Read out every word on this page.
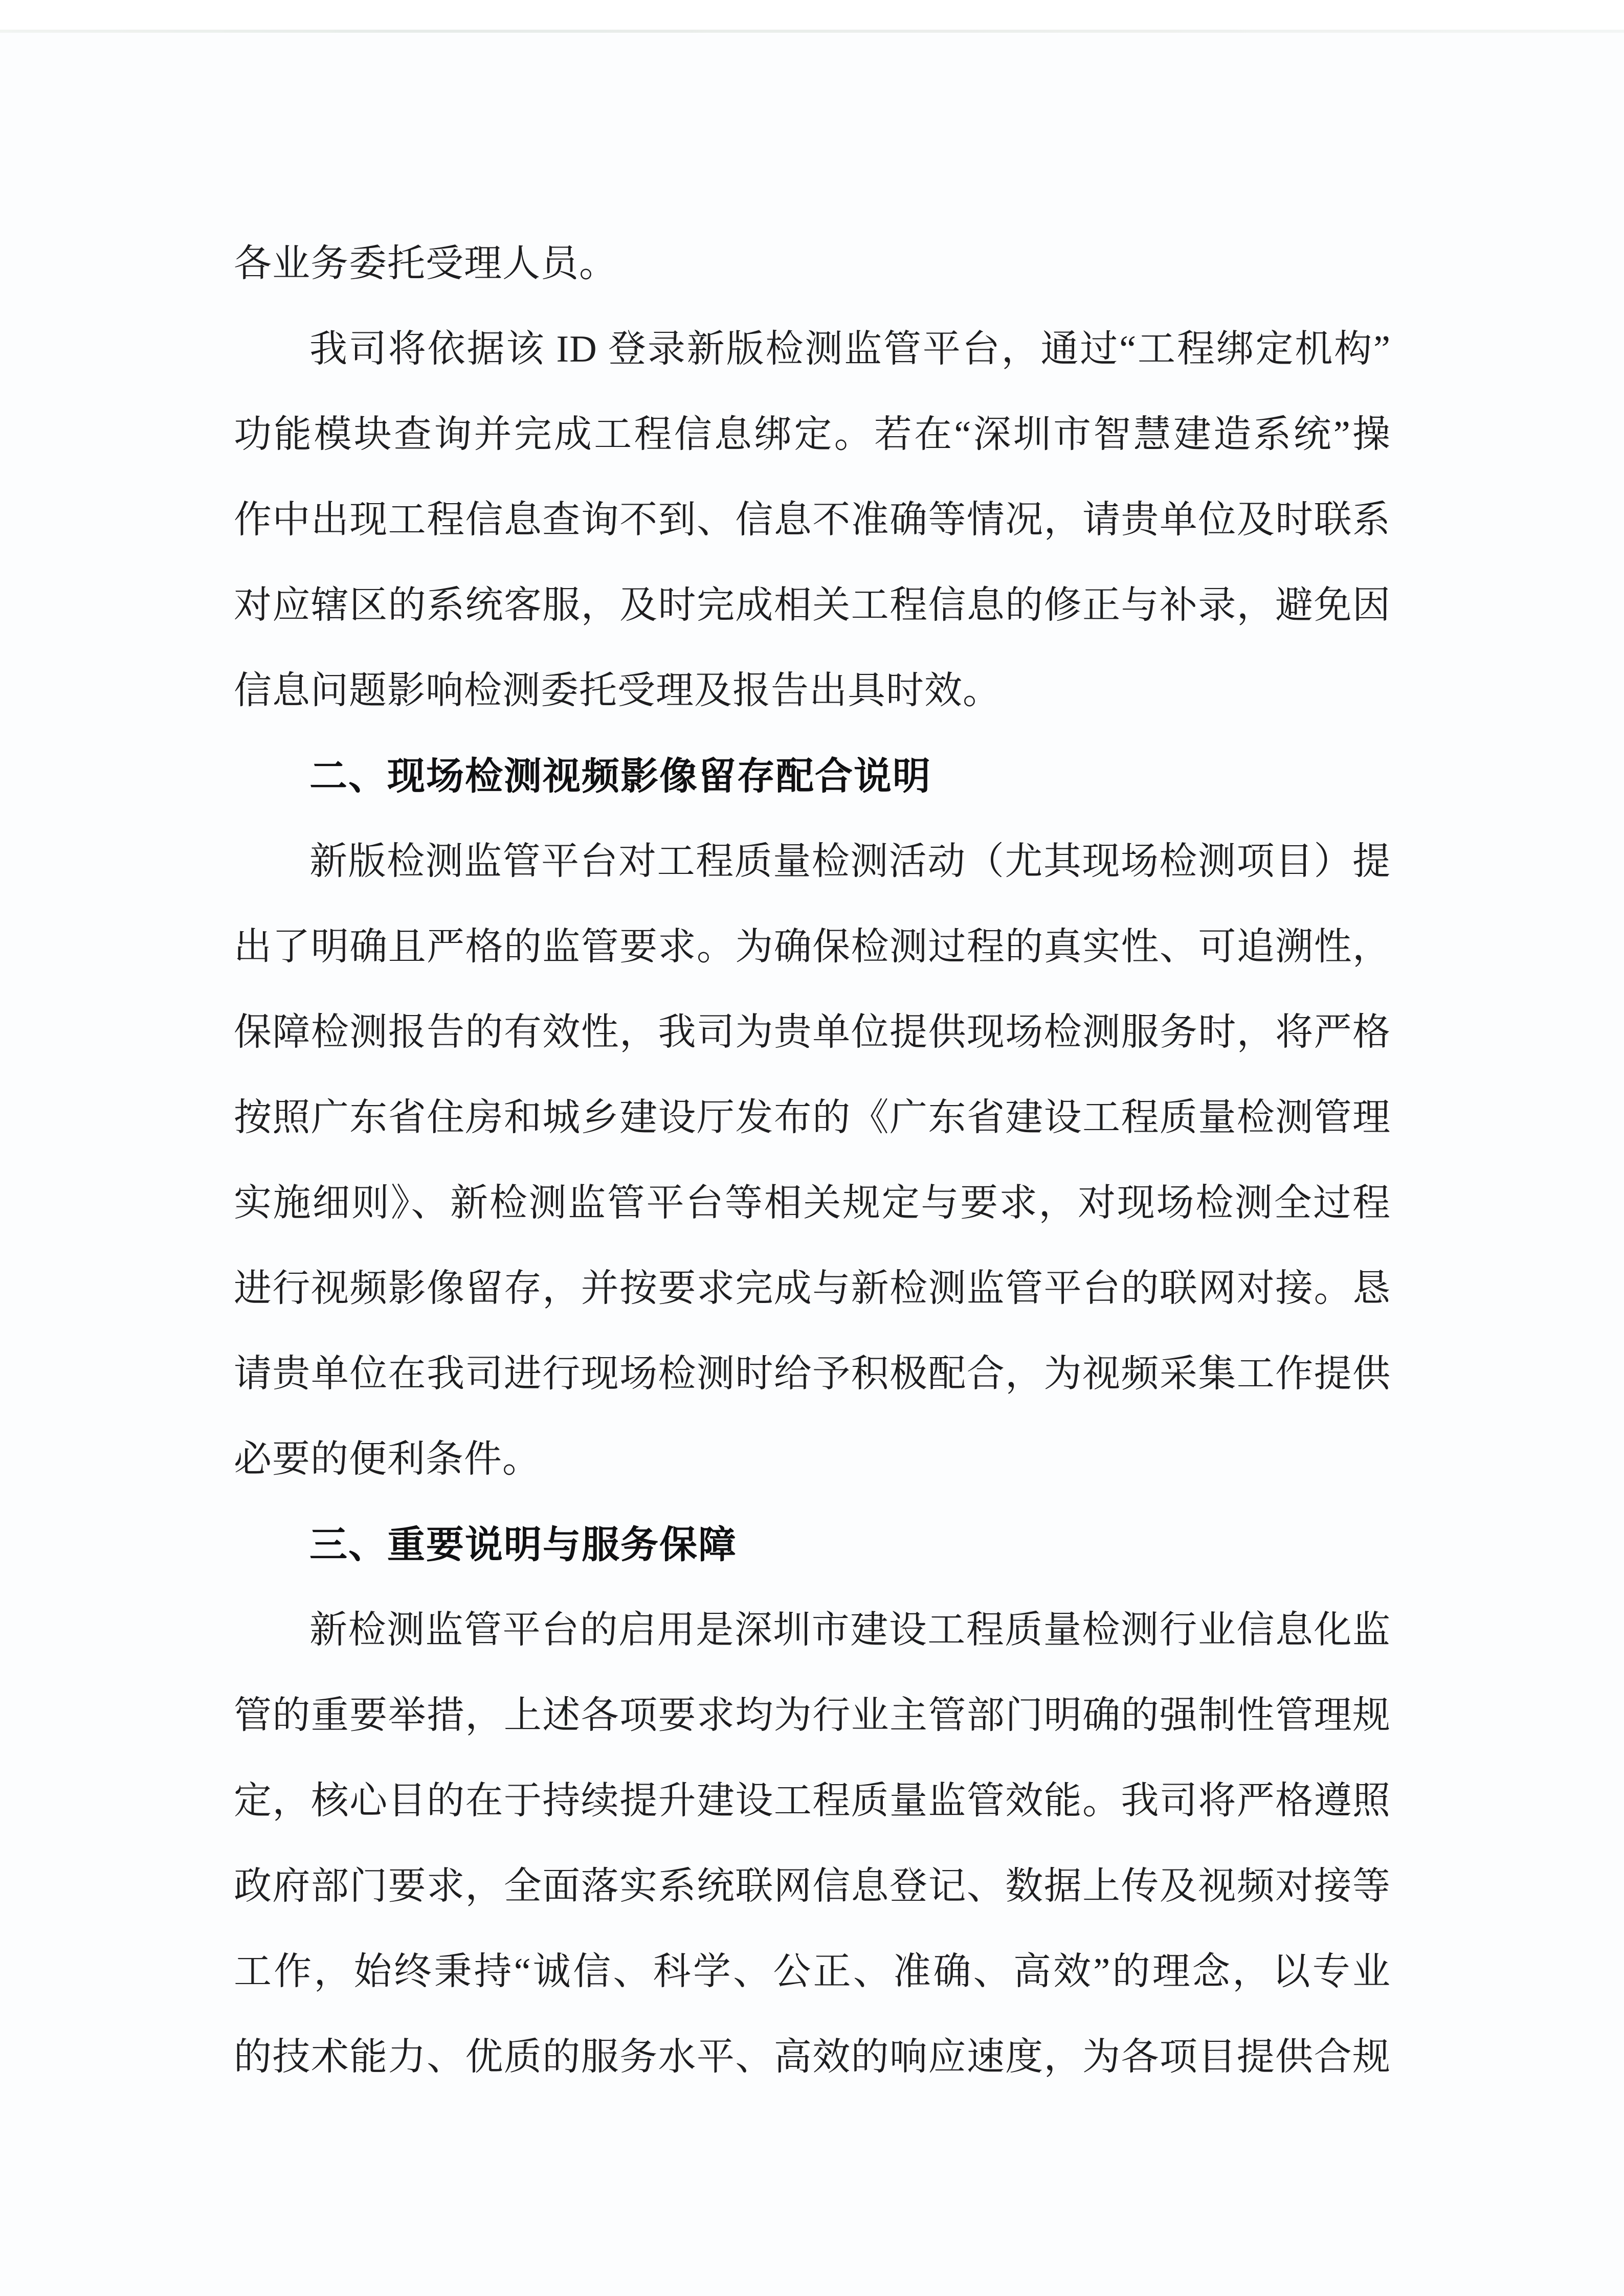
各业务委托受理人员。
我司将依据该 ID 登录新版检测监管平台，通过“工程绑定机构”
功能模块查询并完成工程信息绑定。若在“深圳市智慧建造系统”操
作中出现工程信息查询不到、信息不准确等情况，请贵单位及时联系
对应辖区的系统客服，及时完成相关工程信息的修正与补录，避免因
信息问题影响检测委托受理及报告出具时效。
二、现场检测视频影像留存配合说明
新版检测监管平台对工程质量检测活动（尤其现场检测项目）提
出了明确且严格的监管要求。为确保检测过程的真实性、可追溯性，
保障检测报告的有效性，我司为贵单位提供现场检测服务时，将严格
按照广东省住房和城乡建设厅发布的《广东省建设工程质量检测管理
实施细则》、新检测监管平台等相关规定与要求，对现场检测全过程
进行视频影像留存，并按要求完成与新检测监管平台的联网对接。恳
请贵单位在我司进行现场检测时给予积极配合，为视频采集工作提供
必要的便利条件。
三、重要说明与服务保障
新检测监管平台的启用是深圳市建设工程质量检测行业信息化监
管的重要举措，上述各项要求均为行业主管部门明确的强制性管理规
定，核心目的在于持续提升建设工程质量监管效能。我司将严格遵照
政府部门要求，全面落实系统联网信息登记、数据上传及视频对接等
工作，始终秉持“诚信、科学、公正、准确、高效”的理念，以专业
的技术能力、优质的服务水平、高效的响应速度，为各项目提供合规
